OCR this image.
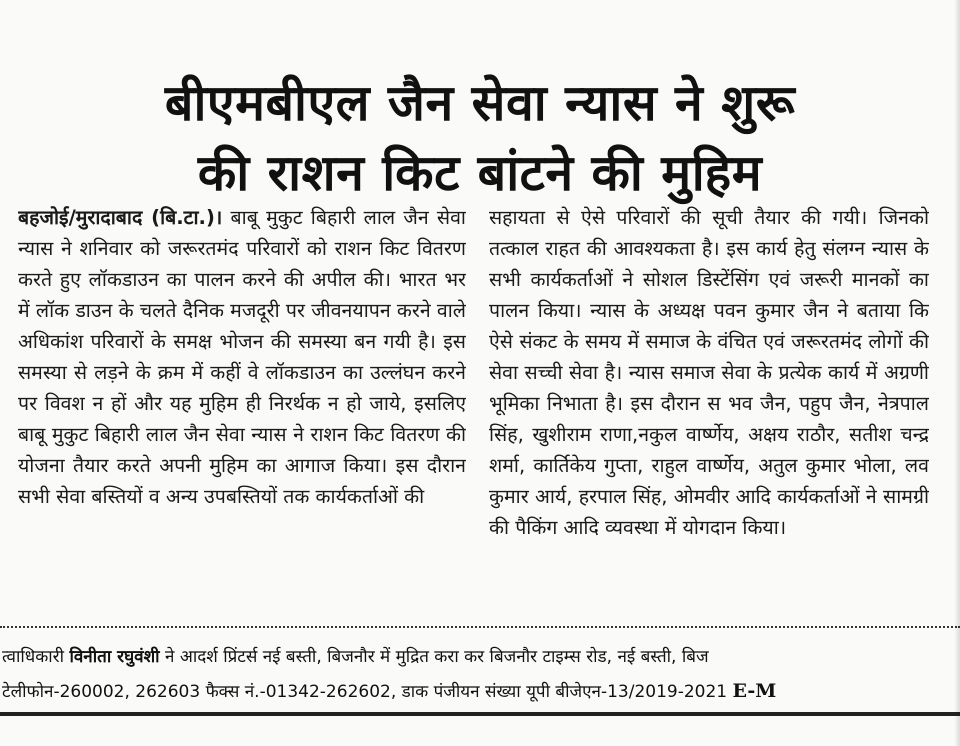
बीएमबीएल जैन सेवा न्यास ने शुरू
की राशन किट बांटने की मुहिम
बहजोई/मुरादाबाद (बि.टा.)। बाबू मुकुट बिहारी लाल जैन सेवा न्यास ने शनिवार को जरूरतमंद परिवारों को राशन किट वितरण करते हुए लॉकडाउन का पालन करने की अपील की। भारत भर में लॉक डाउन के चलते दैनिक मजदूरी पर जीवनयापन करने वाले अधिकांश परिवारों के समक्ष भोजन की समस्या बन गयी है। इस समस्या से लड़ने के क्रम में कहीं वे लॉकडाउन का उल्लंघन करने पर विवश न हों और यह मुहिम ही निरर्थक न हो जाये, इसलिए बाबू मुकुट बिहारी लाल जैन सेवा न्यास ने राशन किट वितरण की योजना तैयार करते अपनी मुहिम का आगाज किया। इस दौरान सभी सेवा बस्तियों व अन्य उपबस्तियों तक कार्यकर्ताओं की
सहायता से ऐसे परिवारों की सूची तैयार की गयी। जिनको तत्काल राहत की आवश्यकता है। इस कार्य हेतु संलग्न न्यास के सभी कार्यकर्ताओं ने सोशल डिस्टेंसिंग एवं जरूरी मानकों का पालन किया। न्यास के अध्यक्ष पवन कुमार जैन ने बताया कि ऐसे संकट के समय में समाज के वंचित एवं जरूरतमंद लोगों की सेवा सच्ची सेवा है। न्यास समाज सेवा के प्रत्येक कार्य में अग्रणी भूमिका निभाता है। इस दौरान स भव जैन, पहुप जैन, नेत्रपाल सिंह, खुशीराम राणा,नकुल वार्ष्णेय, अक्षय राठौर, सतीश चन्द्र शर्मा, कार्तिकेय गुप्ता, राहुल वार्ष्णेय, अतुल कुमार भोला, लव कुमार आर्य, हरपाल सिंह, ओमवीर आदि कार्यकर्ताओं ने सामग्री की पैकिंग आदि व्यवस्था में योगदान किया।
त्वाधिकारी विनीता रघुवंशी ने आदर्श प्रिंटर्स नई बस्ती, बिजनौर में मुद्रित करा कर बिजनौर टाइम्स रोड, नई बस्ती, बिज
टेलीफोन-260002, 262603 फैक्स नं.-01342-262602, डाक पंजीयन संख्या यूपी बीजेएन-13/2019-2021 E-M
